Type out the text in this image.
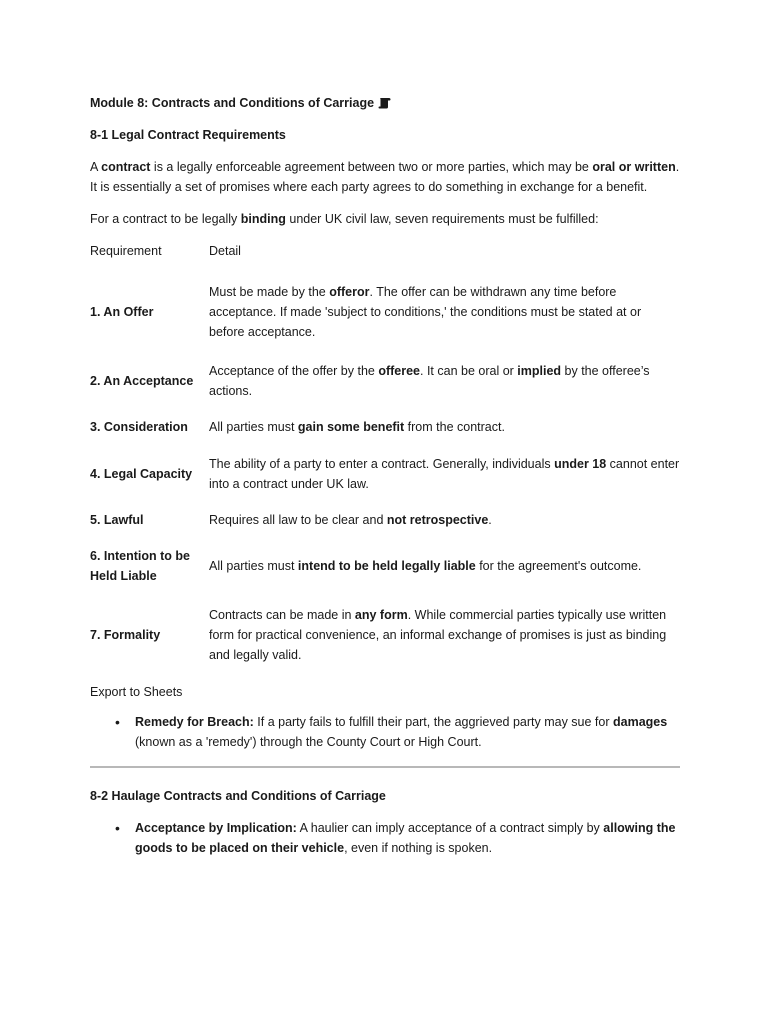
Module 8: Contracts and Conditions of Carriage
8-1 Legal Contract Requirements

A contract is a legally enforceable agreement between two or more parties, which may be oral or written. It is essentially a set of promises where each party agrees to do something in exchange for a benefit.

For a contract to be legally binding under UK civil law, seven requirements must be fulfilled:

Requirement	Detail
1. An Offer	Must be made by the offeror. The offer can be withdrawn any time before acceptance. If made 'subject to conditions,' the conditions must be stated at or before acceptance.
2. An Acceptance	Acceptance of the offer by the offeree. It can be oral or implied by the offeree’s actions.
3. Consideration	All parties must gain some benefit from the contract.
4. Legal Capacity	The ability of a party to enter a contract. Generally, individuals under 18 cannot enter into a contract under UK law.
5. Lawful	Requires all law to be clear and not retrospective.
6. Intention to be Held Liable	All parties must intend to be held legally liable for the agreement's outcome.
7. Formality	Contracts can be made in any form. While commercial parties typically use written form for practical convenience, an informal exchange of promises is just as binding and legally valid.
Export to Sheets
• Remedy for Breach: If a party fails to fulfill their part, the aggrieved party may sue for damages (known as a 'remedy') through the County Court or High Court.
8-2 Haulage Contracts and Conditions of Carriage
• Acceptance by Implication: A haulier can imply acceptance of a contract simply by allowing the goods to be placed on their vehicle, even if nothing is spoken.
